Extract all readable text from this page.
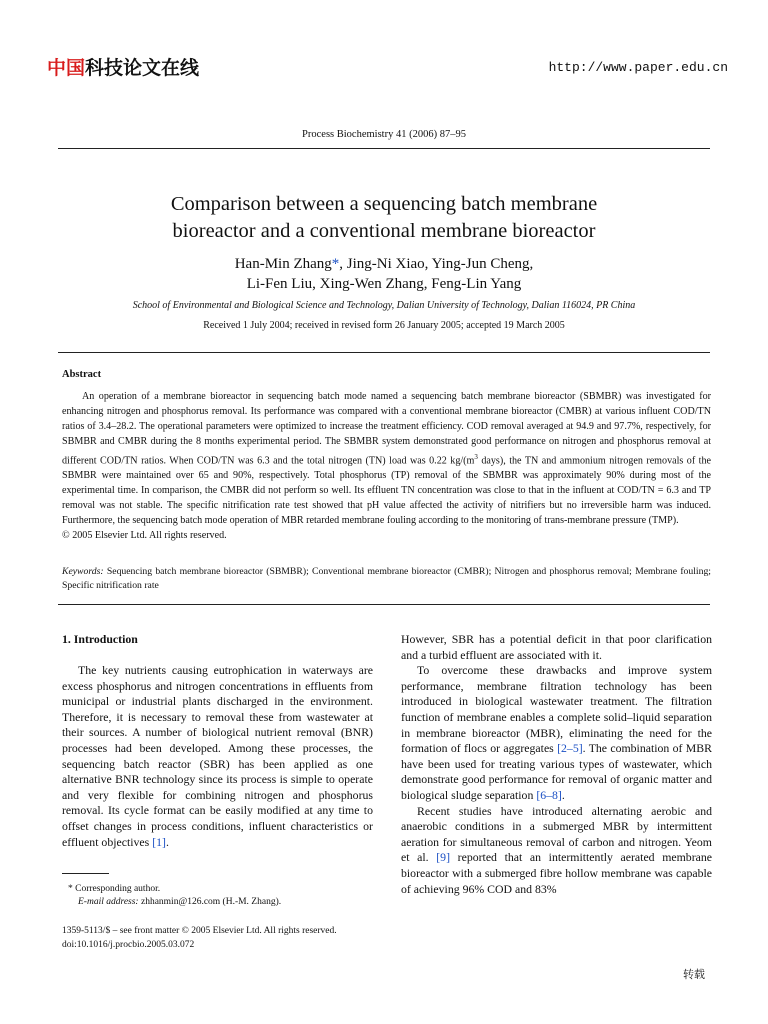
中国科技论文在线	http://www.paper.edu.cn
Process Biochemistry 41 (2006) 87–95
Comparison between a sequencing batch membrane
bioreactor and a conventional membrane bioreactor
Han-Min Zhang*, Jing-Ni Xiao, Ying-Jun Cheng,
Li-Fen Liu, Xing-Wen Zhang, Feng-Lin Yang
School of Environmental and Biological Science and Technology, Dalian University of Technology, Dalian 116024, PR China
Received 1 July 2004; received in revised form 26 January 2005; accepted 19 March 2005
Abstract
An operation of a membrane bioreactor in sequencing batch mode named a sequencing batch membrane bioreactor (SBMBR) was investigated for enhancing nitrogen and phosphorus removal. Its performance was compared with a conventional membrane bioreactor (CMBR) at various influent COD/TN ratios of 3.4–28.2. The operational parameters were optimized to increase the treatment efficiency. COD removal averaged at 94.9 and 97.7%, respectively, for SBMBR and CMBR during the 8 months experimental period. The SBMBR system demonstrated good performance on nitrogen and phosphorus removal at different COD/TN ratios. When COD/TN was 6.3 and the total nitrogen (TN) load was 0.22 $kg/(m^3$ days), the TN and ammonium nitrogen removals of the SBMBR were maintained over 65 and 90%, respectively. Total phosphorus (TP) removal of the SBMBR was approximately 90% during most of the experimental time. In comparison, the CMBR did not perform so well. Its effluent TN concentration was close to that in the influent at COD/TN = 6.3 and TP removal was not stable. The specific nitrification rate test showed that pH value affected the activity of nitrifiers but no irreversible harm was induced. Furthermore, the sequencing batch mode operation of MBR retarded membrane fouling according to the monitoring of trans-membrane pressure (TMP).
© 2005 Elsevier Ltd. All rights reserved.
Keywords: Sequencing batch membrane bioreactor (SBMBR); Conventional membrane bioreactor (CMBR); Nitrogen and phosphorus removal; Membrane fouling; Specific nitrification rate
1. Introduction

The key nutrients causing eutrophication in waterways are excess phosphorus and nitrogen concentrations in effluents from municipal or industrial plants discharged in the environment. Therefore, it is necessary to removal these from wastewater at their sources. A number of biological nutrient removal (BNR) processes had been developed. Among these processes, the sequencing batch reactor (SBR) has been applied as one alternative BNR technology since its process is simple to operate and very flexible for combining nitrogen and phosphorus removal. Its cycle format can be easily modified at any time to offset changes in process conditions, influent characteristics or effluent objectives [1].

However, SBR has a potential deficit in that poor clarification and a turbid effluent are associated with it.

To overcome these drawbacks and improve system performance, membrane filtration technology has been introduced in biological wastewater treatment. The filtration function of membrane enables a complete solid–liquid separation in membrane bioreactor (MBR), eliminating the need for the formation of flocs or aggregates [2–5]. The combination of MBR have been used for treating various types of wastewater, which demonstrate good performance for removal of organic matter and biological sludge separation [6–8].

Recent studies have introduced alternating aerobic and anaerobic conditions in a submerged MBR by intermittent aeration for simultaneous removal of carbon and nitrogen. Yeom et al. [9] reported that an intermittently aerated membrane bioreactor with a submerged fibre hollow membrane was capable of achieving 96% COD and 83%

* Corresponding author.
E-mail address: zhhanmin@126.com (H.-M. Zhang).
1359-5113/$ – see front matter © 2005 Elsevier Ltd. All rights reserved.
doi:10.1016/j.procbio.2005.03.072
转载
